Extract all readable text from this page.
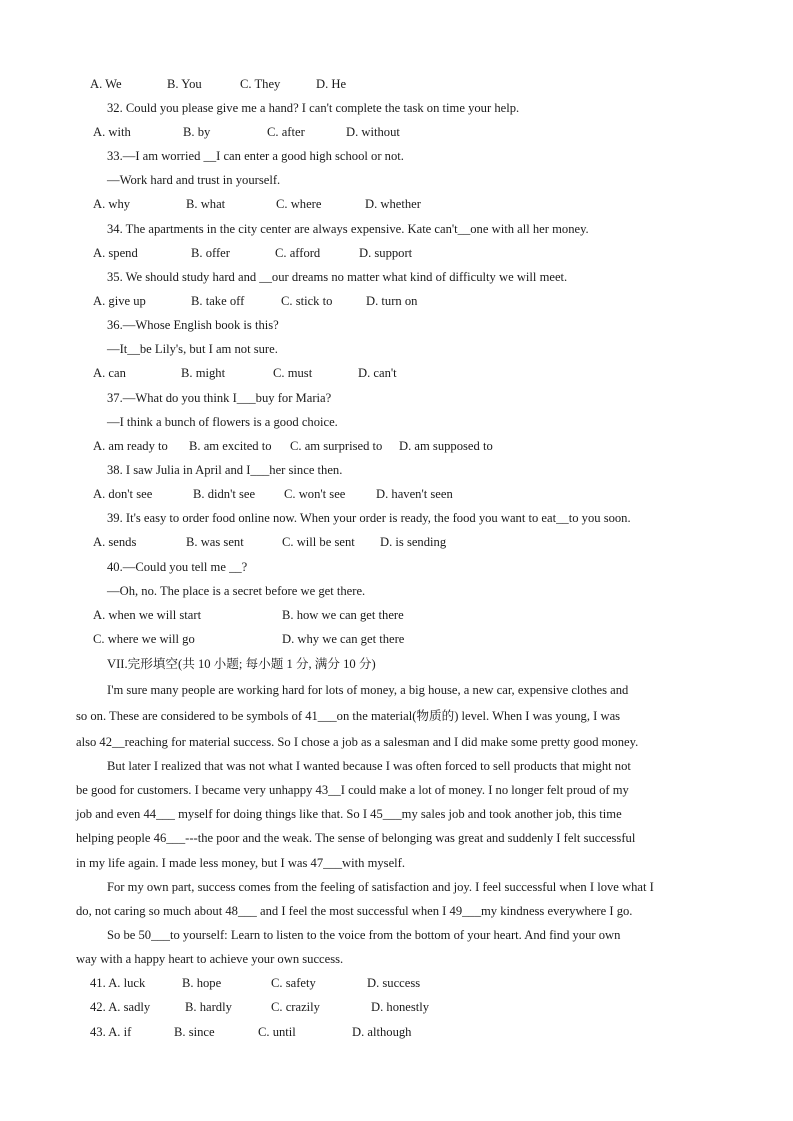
A. We	B. You	C. They	D. He
32. Could you please give me a hand? I can't complete the task on time your help.
A. with	B. by	C. after	D. without
33.—I am worried __I can enter a good high school or not.
—Work hard and trust in yourself.
A. why	B. what	C. where	D. whether
34. The apartments in the city center are always expensive. Kate can't__one with all her money.
A. spend	B. offer	C. afford	D. support
35. We should study hard and __our dreams no matter what kind of difficulty we will meet.
A. give up	B. take off	C. stick to	D. turn on
36.—Whose English book is this?
—It__be Lily's, but I am not sure.
A. can	B. might	C. must	D. can't
37.—What do you think I___buy for Maria?
—I think a bunch of flowers is a good choice.
A. am ready to B. am excited to C. am surprised to D. am supposed to
38. I saw Julia in April and I___her since then.
A. don't see	B. didn't see C. won't see D. haven't seen
39. It's easy to order food online now. When your order is ready, the food you want to eat__to you soon.
A. sends	B. was sent	C. will be sent D. is sending
40.—Could you tell me __?
—Oh, no. The place is a secret before we get there.
A. when we will start	B. how we can get there
C. where we will go	D. why we can get there
VII.完形填空(共 10 小题; 每小题 1 分, 满分 10 分)
I'm sure many people are working hard for lots of money, a big house, a new car, expensive clothes and
so on. These are considered to be symbols of 41___on the material(物质的) level. When I was young, I was
also 42__reaching for material success. So I chose a job as a salesman and I did make some pretty good money.
But later I realized that was not what I wanted because I was often forced to sell products that might not
be good for customers. I became very unhappy 43__I could make a lot of money. I no longer felt proud of my
job and even 44___ myself for doing things like that. So I 45___my sales job and took another job, this time
helping people 46___---the poor and the weak. The sense of belonging was great and suddenly I felt successful
in my life again. I made less money, but I was 47___with myself.
For my own part, success comes from the feeling of satisfaction and joy. I feel successful when I love what I
do, not caring so much about 48___ and I feel the most successful when I 49___my kindness everywhere I go.
So be 50___to yourself: Learn to listen to the voice from the bottom of your heart. And find your own
way with a happy heart to achieve your own success.
41. A. luck	B. hope	C. safety	D. success
42. A. sadly	B. hardly	C. crazily	D. honestly
43. A. if	B. since	C. until	D. although
